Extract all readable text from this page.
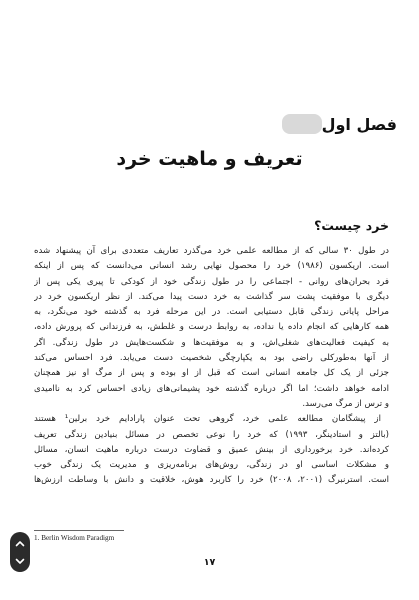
فصل اول
تعریف و ماهیت خرد
خرد چیست؟

در طول ۳۰ سالی که از مطالعه علمی خرد می‌گذرد تعاریف متعددی برای آن پیشنهاد شده
است. اریکسون (۱۹۸۶) خرد را محصول نهایی رشد انسانی می‌دانست که پس از اینکه
فرد بحران‌های روانی - اجتماعی را در طول زندگی خود از کودکی تا پیری یکی پس از
دیگری با موفقیت پشت سر گذاشت به خرد دست پیدا می‌کند. از نظر اریکسون خرد در
مراحل پایانی زندگی قابل دستیابی است. در این مرحله فرد به گذشته خود می‌نگرد، به
همه کارهایی که انجام داده یا نداده، به روابط درست و غلطش، به فرزندانی که پرورش داده،
به کیفیت فعالیت‌های شغلی‌اش، و به موفقیت‌ها و شکست‌هایش در طول زندگی. اگر
از آنها به‌طورکلی راضی بود به یکپارچگی شخصیت دست می‌یابد. فرد احساس می‌کند
جزئی از یک کل جامعه انسانی است که قبل از او بوده و پس از مرگ او نیز همچنان
ادامه خواهد داشت؛ اما اگر درباره گذشته خود پشیمانی‌های زیادی احساس کرد به ناامیدی
و ترس از مرگ می‌رسد.

از پیشگامان مطالعه علمی خرد، گروهی تحت عنوان پارادایم خرد برلین¹ هستند
(بالتز و استادینگر، ۱۹۹۳) که خرد را نوعی تخصص در مسائل بنیادین زندگی تعریف
کرده‌اند. خرد برخورداری از بینش عمیق و قضاوت درست درباره ماهیت انسان، مسائل
و مشکلات اساسی او در زندگی، روش‌های برنامه‌ریزی و مدیریت یک زندگی خوب
است. استرنبرگ (۲۰۰۱، ۲۰۰۸) خرد را کاربرد هوش، خلاقیت و دانش با وساطت ارزش‌ها

1. Berlin Wisdom Paradigm
۱۷
